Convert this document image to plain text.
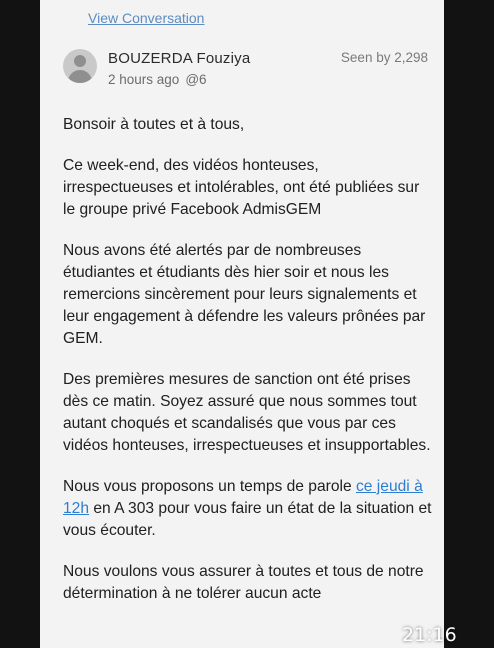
View Conversation
BOUZERDA Fouziya
2 hours ago @6
Seen by 2,298

Bonsoir à toutes et à tous,

Ce week-end, des vidéos honteuses, irrespectueuses et intolérables, ont été publiées sur le groupe privé Facebook AdmisGEM

Nous avons été alertés par de nombreuses étudiantes et étudiants dès hier soir et nous les remercions sincèrement pour leurs signalements et leur engagement à défendre les valeurs prônées par GEM.

Des premières mesures de sanction ont été prises dès ce matin. Soyez assuré que nous sommes tout autant choqués et scandalisés que vous par ces vidéos honteuses, irrespectueuses et insupportables.

Nous vous proposons un temps de parole ce jeudi à 12h en A 303 pour vous faire un état de la situation et vous écouter.

Nous voulons vous assurer à toutes et tous de notre détermination à ne tolérer aucun acte

21:16
